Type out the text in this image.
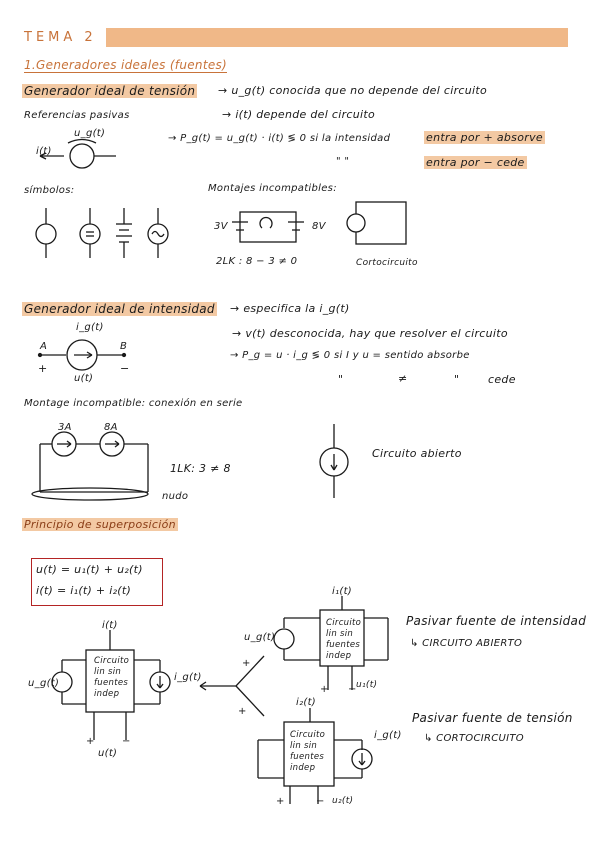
TEMA 2
1.Generadores ideales (fuentes)
Generador ideal de tensión → u_g(t) conocida que no depende del circuito
Referencias pasivas	→ i(t) depende del circuito
u_g(t)
i(t)
→ P_g(t) = u_g(t) · i(t) ≶ 0 si la intensidad	entra por + absorve
" "	entra por − cede
símbolos:	Montajes incompatibles:
3V	8V
2LK : 8 − 3 ≠ 0	Cortocircuito
Generador ideal de intensidad → especifica la i_g(t)
i_g(t)	→ v(t) desconocida, hay que resolver el circuito
A	B
→ P_g = u · i_g ≶ 0 si I y u = sentido absorbe
+	−
u(t)	"	≠	"	cede
Montage incompatible: conexión en serie
3A	8A
1LK: 3 ≠ 8
nudo
Circuito abierto
Principio de superposición
u(t) = u₁(t) + u₂(t)
i(t) = i₁(t) + i₂(t)
i(t)
u_g(t)
i_g(t)
+	−
u(t)
+
+
i₁(t)
u_g(t)
+ − u₁(t)
i₂(t)
i_g(t)
+	− u₂(t)
Pasivar fuente de intensidad
↳ CIRCUITO ABIERTO
Pasivar fuente de tensión
↳ CORTOCIRCUITO
Circuito
lin sin
fuentes
indep
Circuito
lin sin
fuentes
indep
Circuito
lin sin
fuentes
indep
